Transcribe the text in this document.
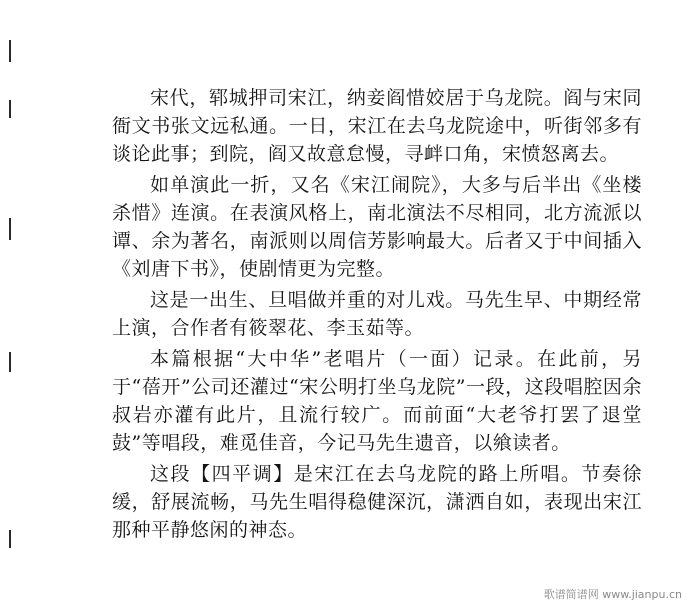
宋代，郓城押司宋江，纳妾阎惜姣居于乌龙院。阎与宋同衙文书张文远私通。一日，宋江在去乌龙院途中，听街邻多有谈论此事；到院，阎又故意怠慢，寻衅口角，宋愤怒离去。

如单演此一折，又名《宋江闹院》，大多与后半出《坐楼杀惜》连演。在表演风格上，南北演法不尽相同，北方流派以谭、余为著名，南派则以周信芳影响最大。后者又于中间插入《刘唐下书》，使剧情更为完整。

这是一出生、旦唱做并重的对儿戏。马先生早、中期经常上演，合作者有筱翠花、李玉茹等。

本篇根据“大中华”老唱片（一面）记录。在此前，另于“蓓开”公司还灌过“宋公明打坐乌龙院”一段，这段唱腔因余叔岩亦灌有此片，且流行较广。而前面“大老爷打罢了退堂鼓”等唱段，难觅佳音，今记马先生遗音，以飨读者。

这段【四平调】是宋江在去乌龙院的路上所唱。节奏徐缓，舒展流畅，马先生唱得稳健深沉，潇洒自如，表现出宋江那种平静悠闲的神态。

歌谱简谱网 www.jianpu.cn
